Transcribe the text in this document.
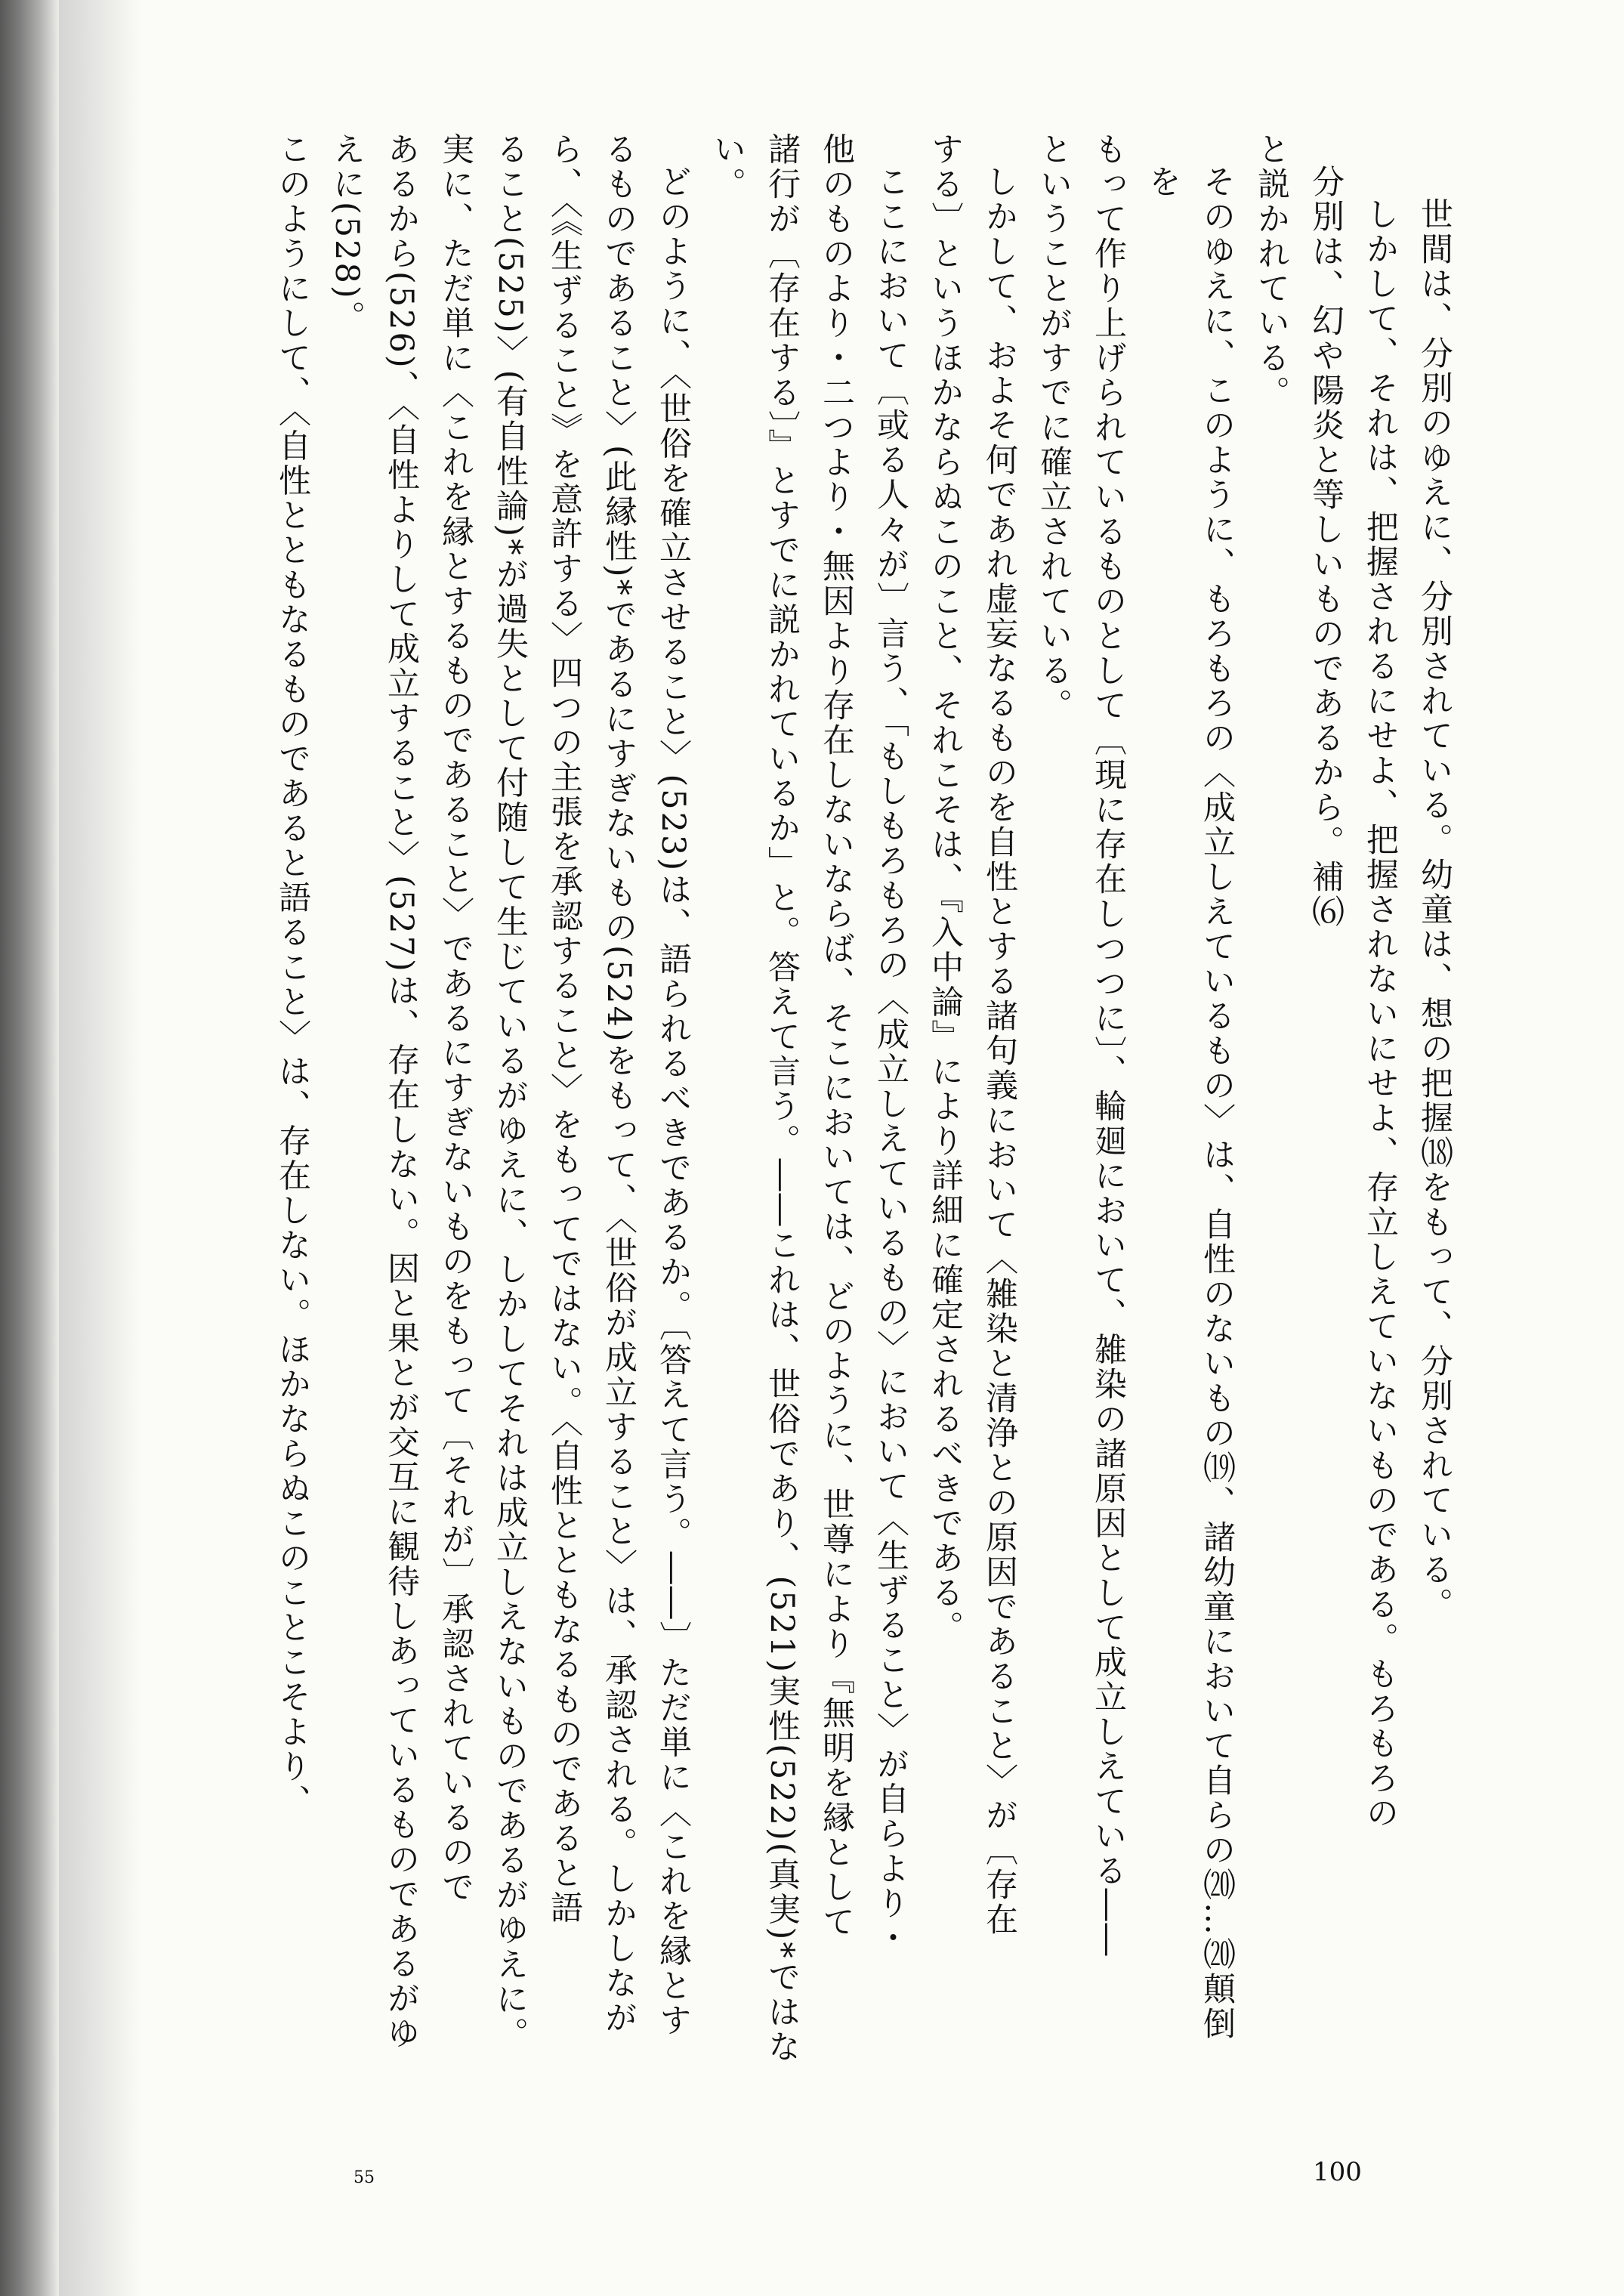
世間は、分別のゆえに、分別されている。幼童は、想の把握⒅をもって、分別されている。

しかして、それは、把握されるにせよ、把握されないにせよ、存立しえていないものである。もろもろの

分別は、幻や陽炎と等しいものであるから。補⑹

と説かれている。

そのゆえに、このように、もろもろの〈成立しえているもの〉は、自性のないもの⒆、諸幼童において自らの⒇…⒇顛倒を

もって作り上げられているものとして〔現に存在しつつに〕、輪廻において、雑染の諸原因として成立しえている――

ということがすでに確立されている。

しかして、およそ何であれ虚妄なるものを自性とする諸句義において〈雑染と清浄との原因であること〉が〔存在

する〕というほかならぬこのこと、それこそは、『入中論』により詳細に確定されるべきである。

ここにおいて〔或る人々が〕言う、「もしもろもろの〈成立しえているもの〉において〈生ずること〉が自らより・

他のものより・二つより・無因より存在しないならば、そこにおいては、どのように、世尊により『無明を縁として

諸行が〔存在する〕』とすでに説かれているか」と。答えて言う。――これは、世俗であり、(521)実性(522)(真実)*ではない。

どのように、〈世俗を確立させること〉(523)は、語られるべきであるか。〔答えて言う。――〕ただ単に〈これを縁とす

るものであること〉(此縁性)*であるにすぎないもの(524)をもって、〈世俗が成立すること〉は、承認される。しかしなが

ら、〈《生ずること》を意許する〉四つの主張を承認すること〉をもってではない。〈自性とともなるものであると語

ること(525)〉(有自性論)*が過失として付随して生じているがゆえに、しかしてそれは成立しえないものであるがゆえに。

実に、ただ単に〈これを縁とするものであること〉であるにすぎないものをもって〔それが〕承認されているので

あるから(526)、〈自性よりして成立すること〉(527)は、存在しない。因と果とが交互に観待しあっているものであるがゆえに(528)。

このようにして、〈自性とともなるものであると語ること〉は、存在しない。ほかならぬこのことこそより、

100
55
